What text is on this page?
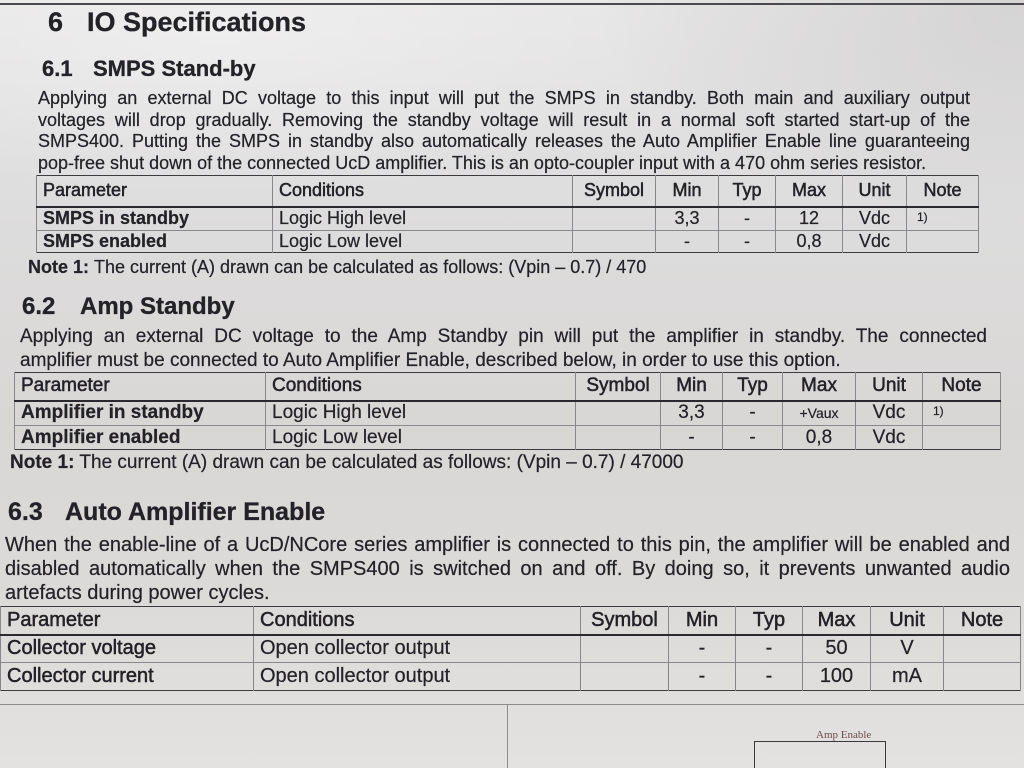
6 IO Specifications
6.1 SMPS Stand-by
Applying an external DC voltage to this input will put the SMPS in standby. Both main and auxiliary output
voltages will drop gradually. Removing the standby voltage will result in a normal soft started start-up of the
SMPS400. Putting the SMPS in standby also automatically releases the Auto Amplifier Enable line guaranteeing
pop-free shut down of the connected UcD amplifier. This is an opto-coupler input with a 470 ohm series resistor.
Parameter	Conditions	Symbol	Min	Typ	Max	Unit	Note
SMPS in standby	Logic High level		3,3	-	12	Vdc	1)
SMPS enabled	Logic Low level		-	-	0,8	Vdc	
Note 1: The current (A) drawn can be calculated as follows: (Vpin – 0.7) / 470
6.2 Amp Standby
Applying an external DC voltage to the Amp Standby pin will put the amplifier in standby. The connected
amplifier must be connected to Auto Amplifier Enable, described below, in order to use this option.
Parameter	Conditions	Symbol	Min	Typ	Max	Unit	Note
Amplifier in standby	Logic High level		3,3	-	+Vaux	Vdc	1)
Amplifier enabled	Logic Low level		-	-	0,8	Vdc	
Note 1: The current (A) drawn can be calculated as follows: (Vpin – 0.7) / 47000
6.3 Auto Amplifier Enable
When the enable-line of a UcD/NCore series amplifier is connected to this pin, the amplifier will be enabled and
disabled automatically when the SMPS400 is switched on and off. By doing so, it prevents unwanted audio
artefacts during power cycles.
Parameter	Conditions	Symbol	Min	Typ	Max	Unit	Note
Collector voltage	Open collector output		-	-	50	V	
Collector current	Open collector output		-	-	100	mA	
Amp Enable
